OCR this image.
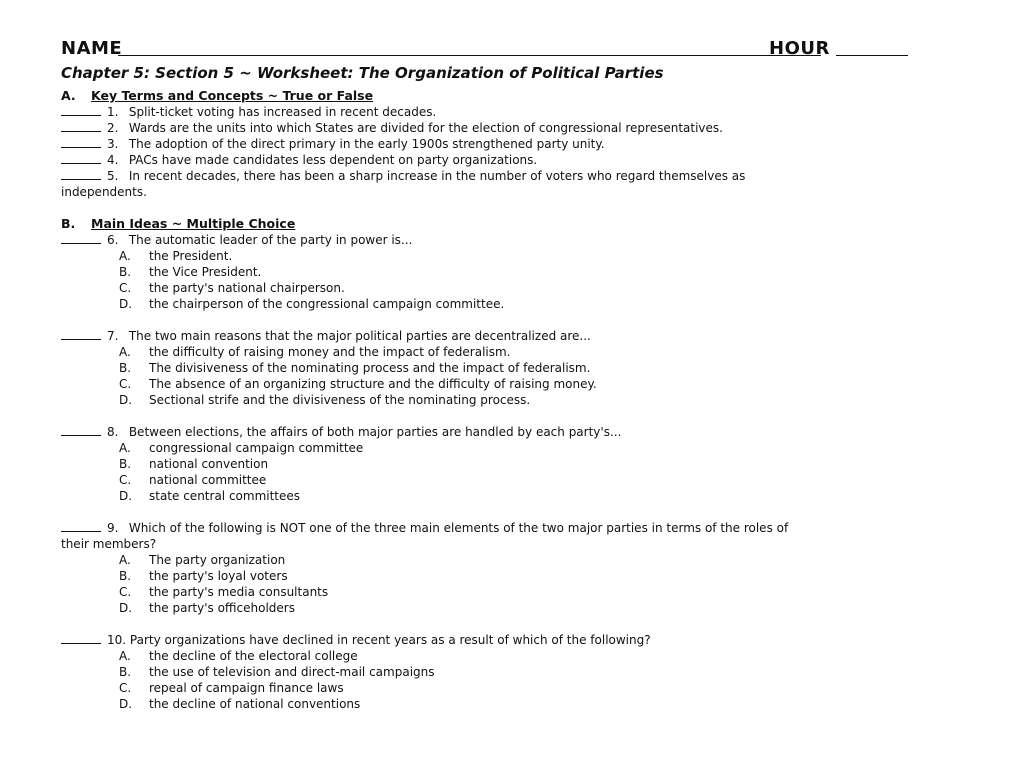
NAME	HOUR
Chapter 5: Section 5 ~ Worksheet: The Organization of Political Parties
A. Key Terms and Concepts ~ True or False
1. Split-ticket voting has increased in recent decades.
2. Wards are the units into which States are divided for the election of congressional representatives.
3. The adoption of the direct primary in the early 1900s strengthened party unity.
4. PACs have made candidates less dependent on party organizations.
5. In recent decades, there has been a sharp increase in the number of voters who regard themselves as
independents.
B. Main Ideas ~ Multiple Choice
6. The automatic leader of the party in power is...
A. the President.
B. the Vice President.
C. the party's national chairperson.
D. the chairperson of the congressional campaign committee.
7. The two main reasons that the major political parties are decentralized are...
A. the difficulty of raising money and the impact of federalism.
B. The divisiveness of the nominating process and the impact of federalism.
C. The absence of an organizing structure and the difficulty of raising money.
D. Sectional strife and the divisiveness of the nominating process.
8. Between elections, the affairs of both major parties are handled by each party's...
A. congressional campaign committee
B. national convention
C. national committee
D. state central committees
9. Which of the following is NOT one of the three main elements of the two major parties in terms of the roles of
their members?
A. The party organization
B. the party's loyal voters
C. the party's media consultants
D. the party's officeholders
10. Party organizations have declined in recent years as a result of which of the following?
A. the decline of the electoral college
B. the use of television and direct-mail campaigns
C. repeal of campaign finance laws
D. the decline of national conventions
